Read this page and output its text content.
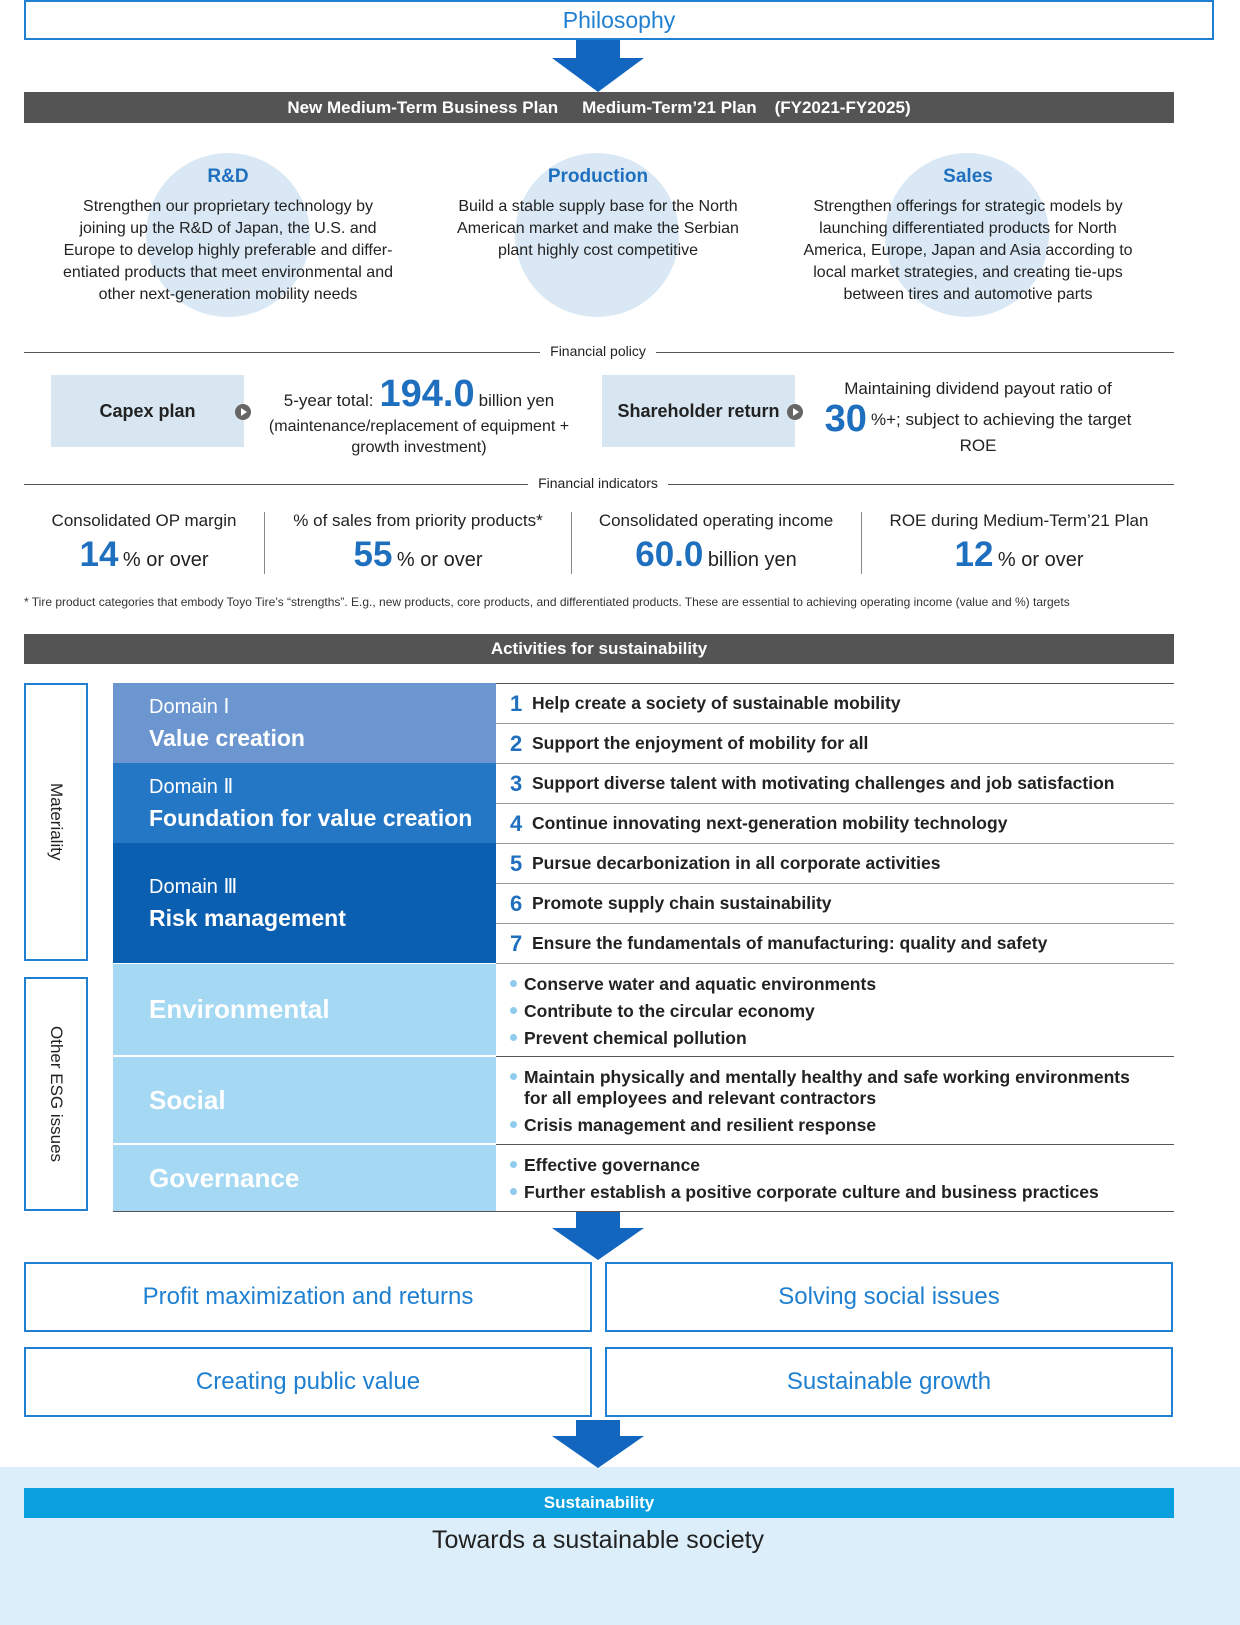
Philosophy
New Medium-Term Business Plan Medium-Term’21 Plan (FY2021-FY2025)
R&D
Strengthen our proprietary technology by
joining up the R&D of Japan, the U.S. and
Europe to develop highly preferable and differ-
entiated products that meet environmental and
other next-generation mobility needs
Production
Build a stable supply base for the North
American market and make the Serbian
plant highly cost competitive
Sales
Strengthen offerings for strategic models by
launching differentiated products for North
America, Europe, Japan and Asia according to
local market strategies, and creating tie-ups
between tires and automotive parts
Financial policy
Capex plan	5-year total: 194.0 billion yen
(maintenance/replacement of equipment +
growth investment)
Shareholder return
Maintaining dividend payout ratio of
30 %+; subject to achieving the target
ROE
Financial indicators
Consolidated OP margin
14 % or over
% of sales from priority products*
55 % or over
Consolidated operating income
60.0 billion yen
ROE during Medium-Term’21 Plan
12 % or over
* Tire product categories that embody Toyo Tire’s “strengths”. E.g., new products, core products, and differentiated products. These are essential to achieving operating income (value and %) targets
Activities for sustainability
Materiality
Other ESG issues
Domain Ⅰ
Value creation
Domain Ⅱ
Foundation for value creation
Domain Ⅲ
Risk management
1 Help create a society of sustainable mobility
2 Support the enjoyment of mobility for all
3 Support diverse talent with motivating challenges and job satisfaction
4 Continue innovating next-generation mobility technology
5 Pursue decarbonization in all corporate activities
6 Promote supply chain sustainability
7 Ensure the fundamentals of manufacturing: quality and safety
Environmental
Social
Governance
Conserve water and aquatic environments
Contribute to the circular economy
Prevent chemical pollution
Maintain physically and mentally healthy and safe working environments
for all employees and relevant contractors
Crisis management and resilient response
Effective governance
Further establish a positive corporate culture and business practices
Profit maximization and returns	Solving social issues
Creating public value	Sustainable growth
Sustainability
Towards a sustainable society
